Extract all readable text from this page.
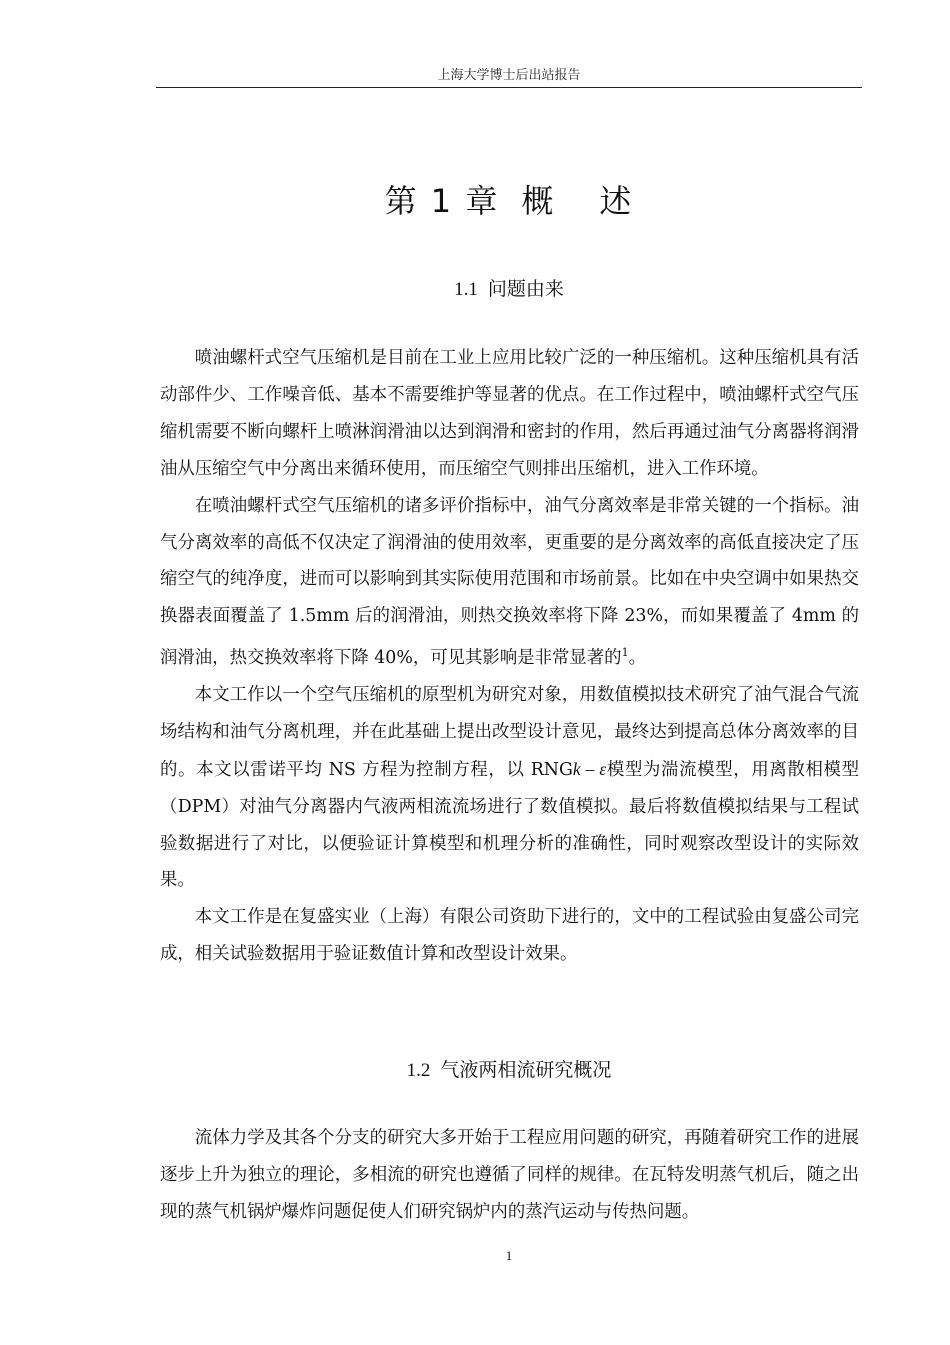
上海大学博士后出站报告
第 1 章 概 述
1.1 问题由来

喷油螺杆式空气压缩机是目前在工业上应用比较广泛的一种压缩机。这种压缩机具有活动部件少、工作噪音低、基本不需要维护等显著的优点。在工作过程中，喷油螺杆式空气压缩机需要不断向螺杆上喷淋润滑油以达到润滑和密封的作用，然后再通过油气分离器将润滑油从压缩空气中分离出来循环使用，而压缩空气则排出压缩机，进入工作环境。

在喷油螺杆式空气压缩机的诸多评价指标中，油气分离效率是非常关键的一个指标。油气分离效率的高低不仅决定了润滑油的使用效率，更重要的是分离效率的高低直接决定了压缩空气的纯净度，进而可以影响到其实际使用范围和市场前景。比如在中央空调中如果热交换器表面覆盖了 1.5mm 后的润滑油，则热交换效率将下降 23%，而如果覆盖了 4mm 的润滑油，热交换效率将下降 40%，可见其影响是非常显著的$^1$。

本文工作以一个空气压缩机的原型机为研究对象，用数值模拟技术研究了油气混合气流场结构和油气分离机理，并在此基础上提出改型设计意见，最终达到提高总体分离效率的目的。本文以雷诺平均 NS 方程为控制方程，以 RNGk – ε模型为湍流模型，用离散相模型（DPM）对油气分离器内气液两相流流场进行了数值模拟。最后将数值模拟结果与工程试验数据进行了对比，以便验证计算模型和机理分析的准确性，同时观察改型设计的实际效果。

本文工作是在复盛实业（上海）有限公司资助下进行的，文中的工程试验由复盛公司完成，相关试验数据用于验证数值计算和改型设计效果。

1.2 气液两相流研究概况

流体力学及其各个分支的研究大多开始于工程应用问题的研究，再随着研究工作的进展逐步上升为独立的理论，多相流的研究也遵循了同样的规律。在瓦特发明蒸气机后，随之出现的蒸气机锅炉爆炸问题促使人们研究锅炉内的蒸汽运动与传热问题。

1
